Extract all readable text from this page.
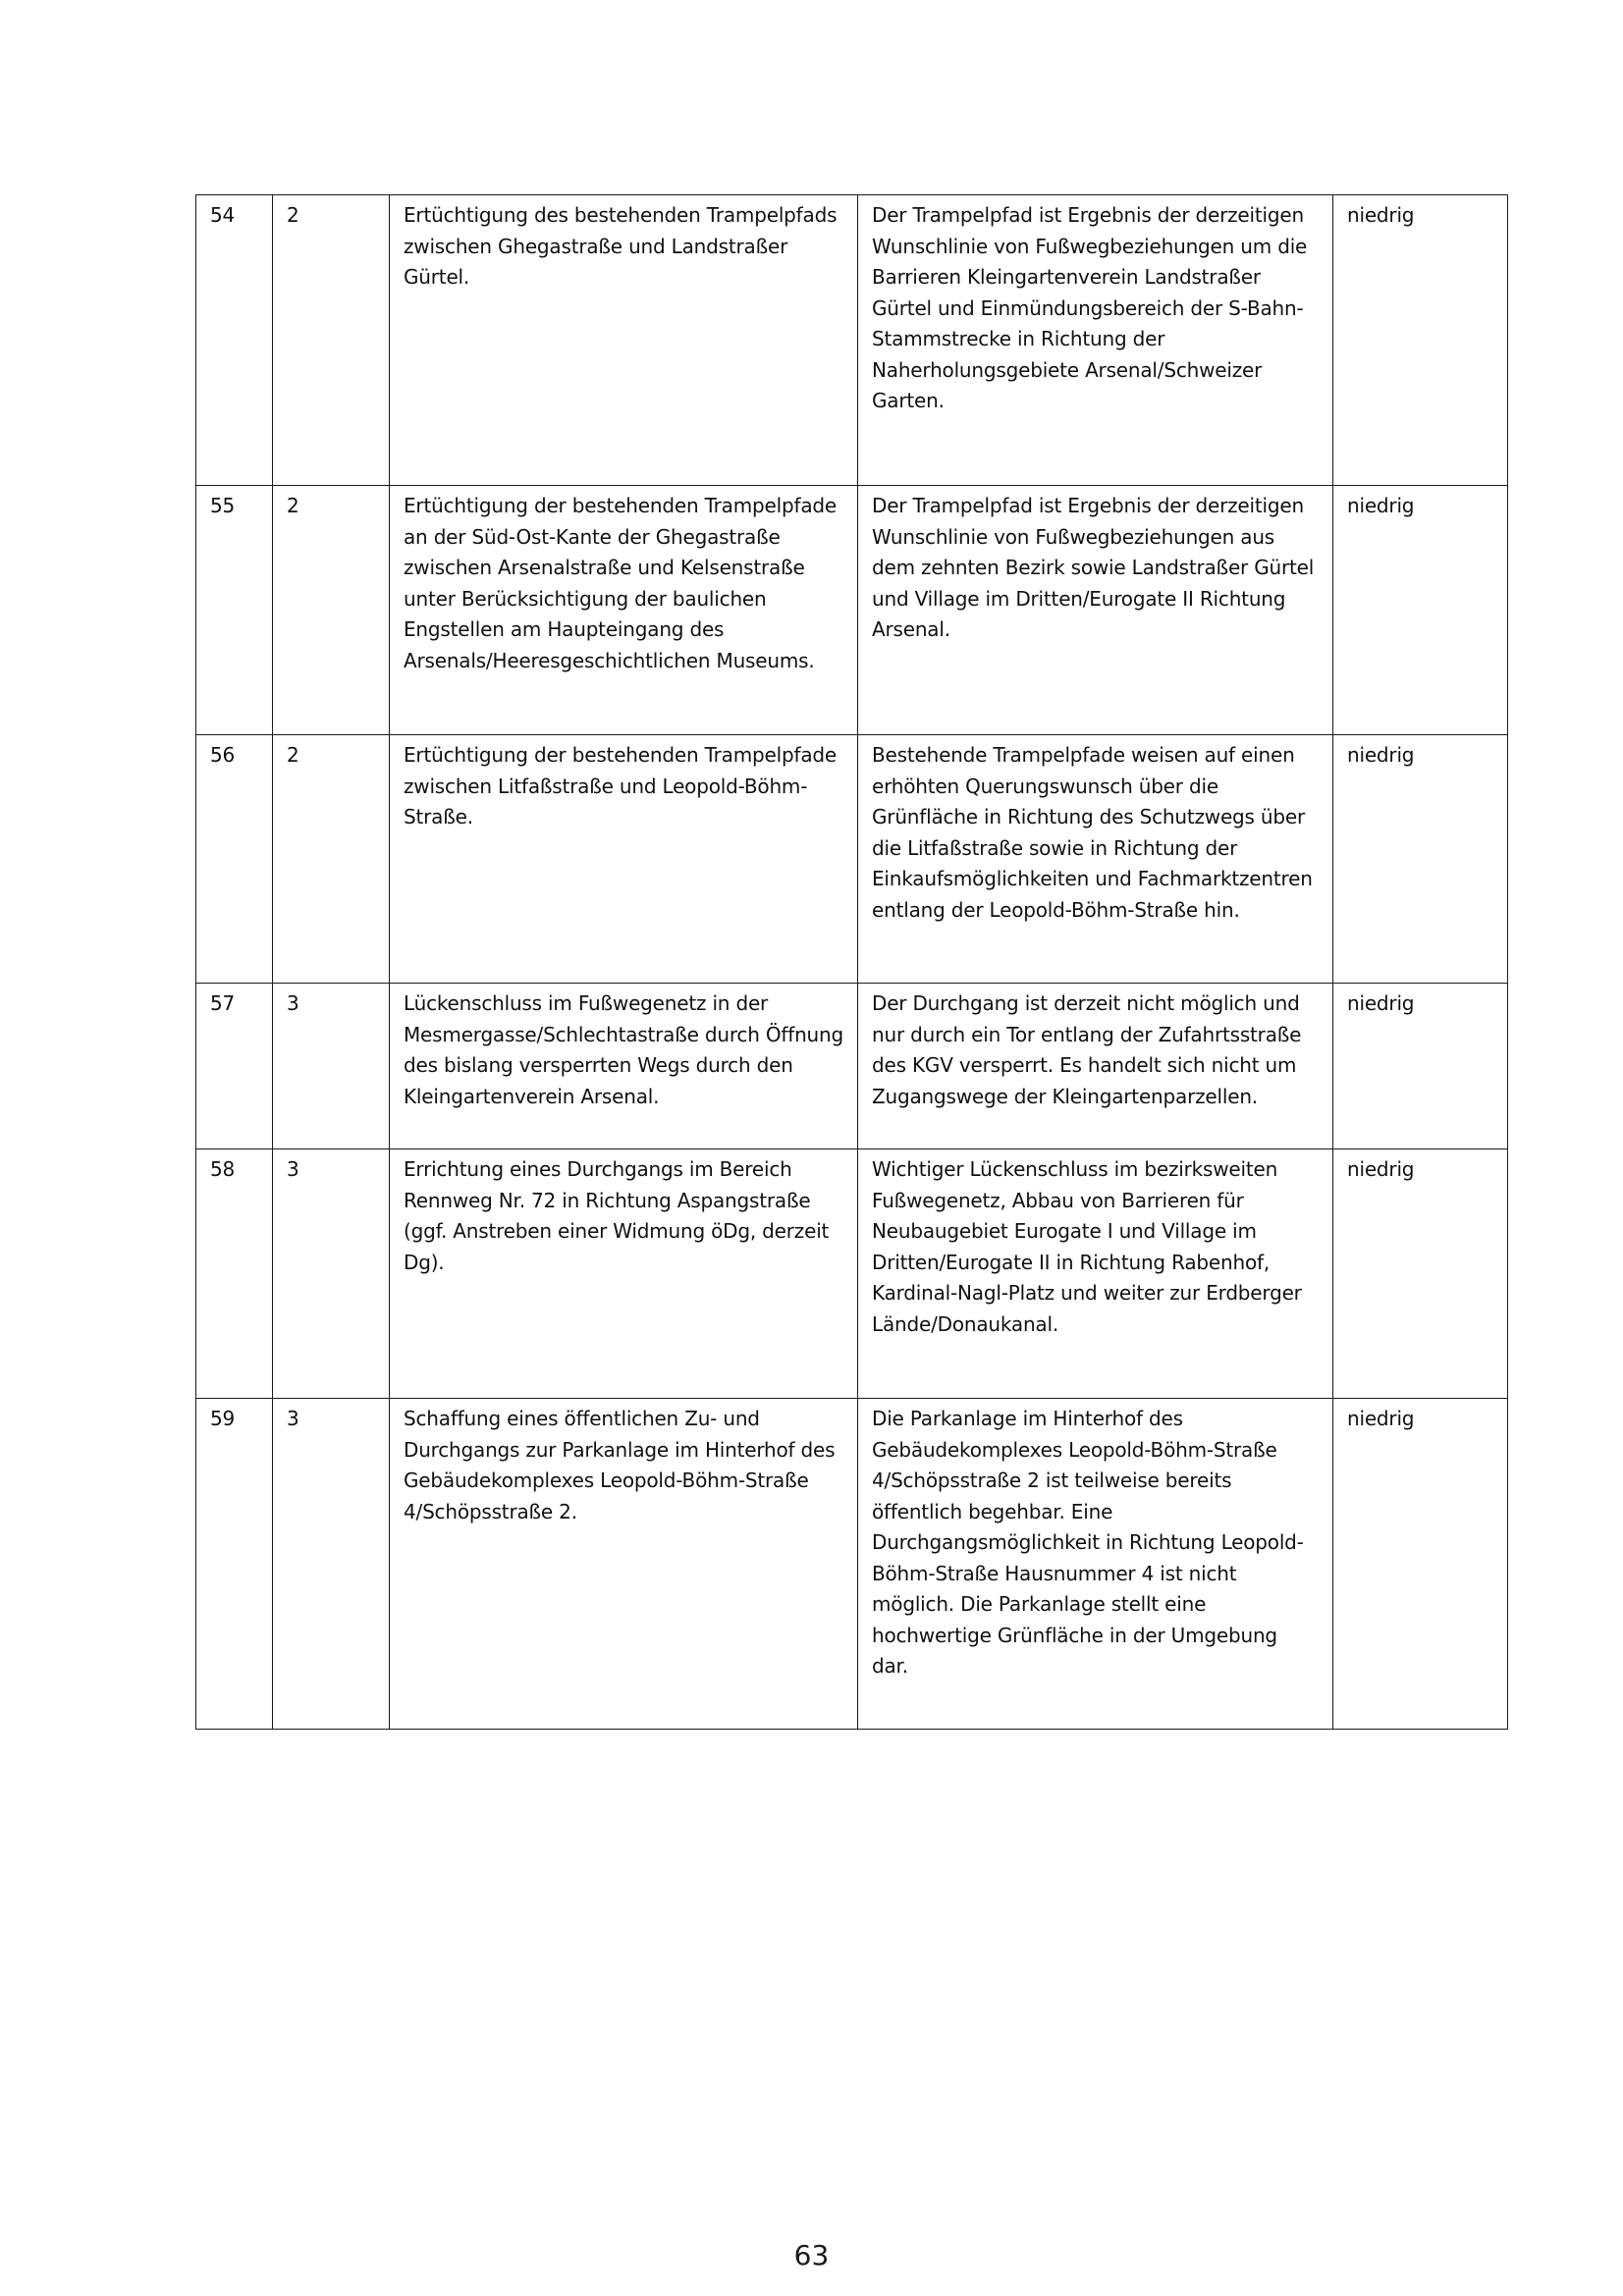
54	2	Ertüchtigung des bestehenden Trampelpfads zwischen Ghegastraße und Landstraßer Gürtel.	Der Trampelpfad ist Ergebnis der derzeitigen Wunschlinie von Fußwegbeziehungen um die Barrieren Kleingartenverein Landstraßer Gürtel und Einmündungsbereich der S-Bahn-Stammstrecke in Richtung der Naherholungsgebiete Arsenal/Schweizer Garten.	niedrig
55	2	Ertüchtigung der bestehenden Trampelpfade an der Süd-Ost-Kante der Ghegastraße zwischen Arsenalstraße und Kelsenstraße unter Berücksichtigung der baulichen Engstellen am Haupteingang des Arsenals/Heeresgeschichtlichen Museums.	Der Trampelpfad ist Ergebnis der derzeitigen Wunschlinie von Fußwegbeziehungen aus dem zehnten Bezirk sowie Landstraßer Gürtel und Village im Dritten/Eurogate II Richtung Arsenal.	niedrig
56	2	Ertüchtigung der bestehenden Trampelpfade zwischen Litfaßstraße und Leopold-Böhm-Straße.	Bestehende Trampelpfade weisen auf einen erhöhten Querungswunsch über die Grünfläche in Richtung des Schutzwegs über die Litfaßstraße sowie in Richtung der Einkaufsmöglichkeiten und Fachmarktzentren entlang der Leopold-Böhm-Straße hin.	niedrig
57	3	Lückenschluss im Fußwegenetz in der Mesmergasse/Schlechtastraße durch Öffnung des bislang versperrten Wegs durch den Kleingartenverein Arsenal.	Der Durchgang ist derzeit nicht möglich und nur durch ein Tor entlang der Zufahrtsstraße des KGV versperrt. Es handelt sich nicht um Zugangswege der Kleingartenparzellen.	niedrig
58	3	Errichtung eines Durchgangs im Bereich Rennweg Nr. 72 in Richtung Aspangstraße (ggf. Anstreben einer Widmung öDg, derzeit Dg).	Wichtiger Lückenschluss im bezirksweiten Fußwegenetz, Abbau von Barrieren für Neubaugebiet Eurogate I und Village im Dritten/Eurogate II in Richtung Rabenhof, Kardinal-Nagl-Platz und weiter zur Erdberger Lände/Donaukanal.	niedrig
59	3	Schaffung eines öffentlichen Zu- und Durchgangs zur Parkanlage im Hinterhof des Gebäudekomplexes Leopold-Böhm-Straße 4/Schöpsstraße 2.	Die Parkanlage im Hinterhof des Gebäudekomplexes Leopold-Böhm-Straße 4/Schöpsstraße 2 ist teilweise bereits öffentlich begehbar. Eine Durchgangsmöglichkeit in Richtung Leopold-Böhm-Straße Hausnummer 4 ist nicht möglich. Die Parkanlage stellt eine hochwertige Grünfläche in der Umgebung dar.	niedrig
63
